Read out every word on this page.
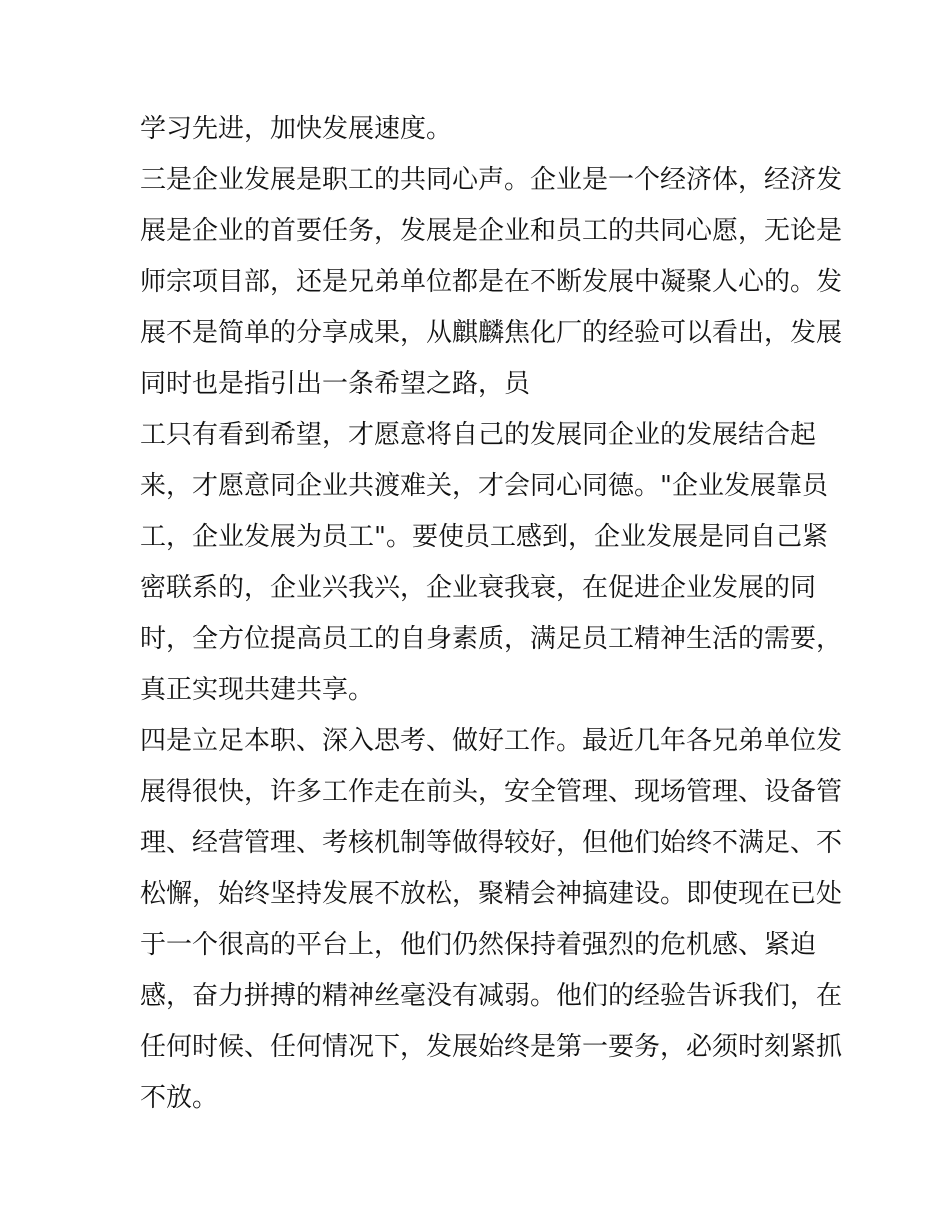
学习先进，加快发展速度。

三是企业发展是职工的共同心声。企业是一个经济体，经济发

展是企业的首要任务，发展是企业和员工的共同心愿，无论是

师宗项目部，还是兄弟单位都是在不断发展中凝聚人心的。发

展不是简单的分享成果，从麒麟焦化厂的经验可以看出，发展

同时也是指引出一条希望之路，员

工只有看到希望，才愿意将自己的发展同企业的发展结合起

来，才愿意同企业共渡难关，才会同心同德。"企业发展靠员

工，企业发展为员工"。要使员工感到，企业发展是同自己紧

密联系的，企业兴我兴，企业衰我衰，在促进企业发展的同

时，全方位提高员工的自身素质，满足员工精神生活的需要，

真正实现共建共享。

四是立足本职、深入思考、做好工作。最近几年各兄弟单位发

展得很快，许多工作走在前头，安全管理、现场管理、设备管

理、经营管理、考核机制等做得较好，但他们始终不满足、不

松懈，始终坚持发展不放松，聚精会神搞建设。即使现在已处

于一个很高的平台上，他们仍然保持着强烈的危机感、紧迫

感，奋力拼搏的精神丝毫没有减弱。他们的经验告诉我们，在

任何时候、任何情况下，发展始终是第一要务，必须时刻紧抓

不放。
